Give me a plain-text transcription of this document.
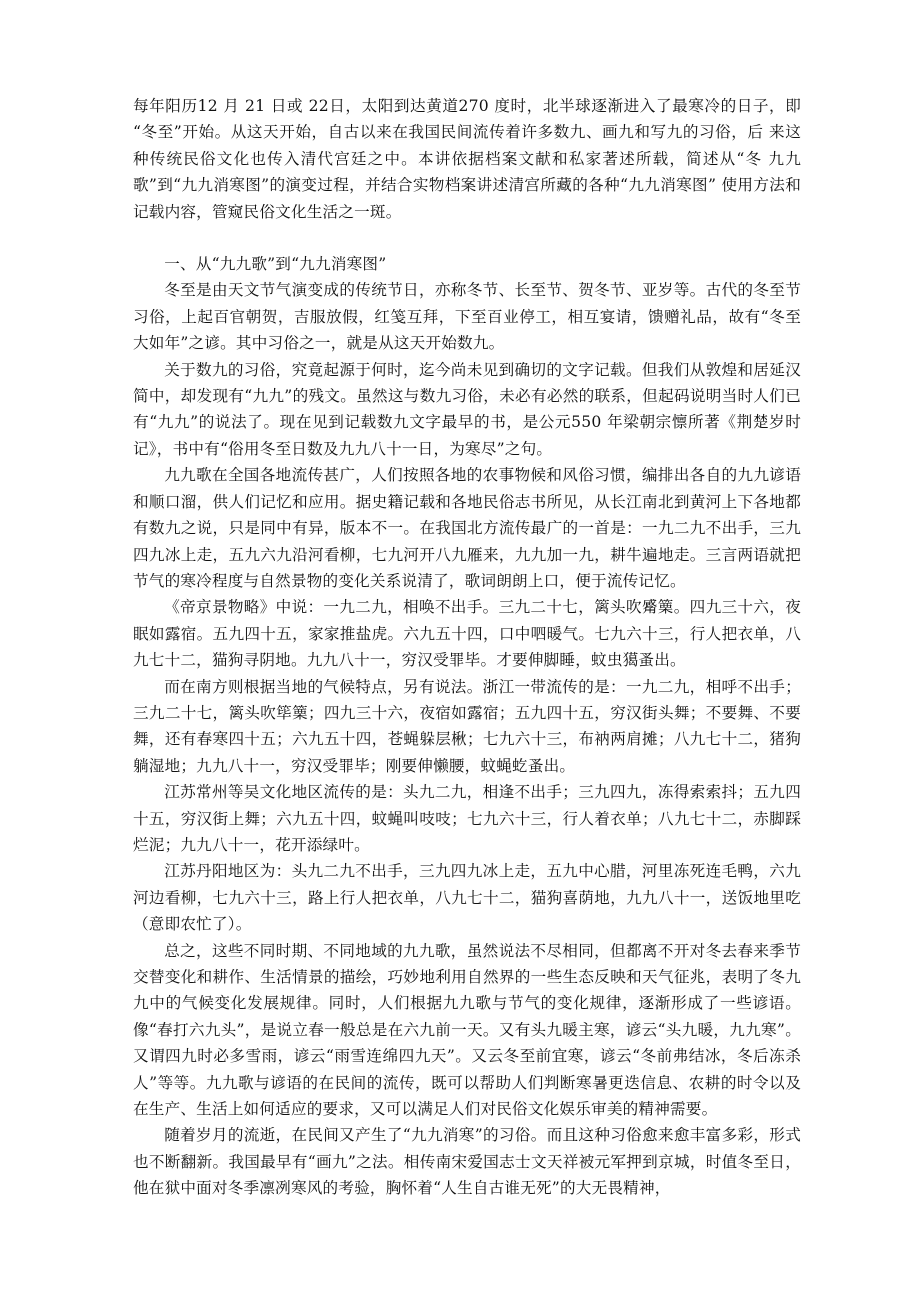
每年阳历12 月 21 日或 22日，太阳到达黄道270 度时，北半球逐渐进入了最寒冷的日子，即 “冬至”开始。从这天开始，自古以来在我国民间流传着许多数九、画九和写九的习俗，后 来这种传统民俗文化也传入清代宫廷之中。本讲依据档案文献和私家著述所载，简述从“冬 九九歌”到“九九消寒图”的演变过程，并结合实物档案讲述清宫所藏的各种“九九消寒图” 使用方法和记载内容，管窥民俗文化生活之一斑。

一、从“九九歌”到“九九消寒图”

冬至是由天文节气演变成的传统节日，亦称冬节、长至节、贺冬节、亚岁等。古代的冬至节习俗，上起百官朝贺，吉服放假，红笺互拜，下至百业停工，相互宴请，馈赠礼品，故有“冬至大如年”之谚。其中习俗之一，就是从这天开始数九。

关于数九的习俗，究竟起源于何时，迄今尚未见到确切的文字记载。但我们从敦煌和居延汉简中，却发现有“九九”的残文。虽然这与数九习俗，未必有必然的联系，但起码说明当时人们已有“九九”的说法了。现在见到记载数九文字最早的书，是公元550 年梁朝宗懔所著《荆楚岁时记》，书中有“俗用冬至日数及九九八十一日，为寒尽”之句。

九九歌在全国各地流传甚广，人们按照各地的农事物候和风俗习惯，编排出各自的九九谚语和顺口溜，供人们记忆和应用。据史籍记载和各地民俗志书所见，从长江南北到黄河上下各地都有数九之说，只是同中有异，版本不一。在我国北方流传最广的一首是：一九二九不出手，三九四九冰上走，五九六九沿河看柳，七九河开八九雁来，九九加一九，耕牛遍地走。三言两语就把节气的寒冷程度与自然景物的变化关系说清了，歌词朗朗上口，便于流传记忆。

《帝京景物略》中说：一九二九，相唤不出手。三九二十七，篱头吹觱篥。四九三十六，夜眠如露宿。五九四十五，家家推盐虎。六九五十四，口中呬暖气。七九六十三，行人把衣单，八九七十二，猫狗寻阴地。九九八十一，穷汉受罪毕。才要伸脚睡，蚊虫獦蚤出。

而在南方则根据当地的气候特点，另有说法。浙江一带流传的是：一九二九，相呼不出手；三九二十七，篱头吹筚篥；四九三十六，夜宿如露宿；五九四十五，穷汉街头舞；不要舞、不要舞，还有春寒四十五；六九五十四，苍蝇躲层楸；七九六十三，布衲两肩摊；八九七十二，猪狗躺湿地；九九八十一，穷汉受罪毕；刚要伸懒腰，蚊蝇虼蚤出。

江苏常州等吴文化地区流传的是：头九二九，相逢不出手；三九四九，冻得索索抖；五九四十五，穷汉街上舞；六九五十四，蚊蝇叫吱吱；七九六十三，行人着衣单；八九七十二，赤脚踩烂泥；九九八十一，花开添绿叶。

江苏丹阳地区为：头九二九不出手，三九四九冰上走，五九中心腊，河里冻死连毛鸭，六九河边看柳，七九六十三，路上行人把衣单，八九七十二，猫狗喜荫地，九九八十一，送饭地里吃（意即农忙了）。

总之，这些不同时期、不同地域的九九歌，虽然说法不尽相同，但都离不开对冬去春来季节交替变化和耕作、生活情景的描绘，巧妙地利用自然界的一些生态反映和天气征兆，表明了冬九九中的气候变化发展规律。同时，人们根据九九歌与节气的变化规律，逐渐形成了一些谚语。像“春打六九头”，是说立春一般总是在六九前一天。又有头九暖主寒，谚云“头九暖，九九寒”。又谓四九时必多雪雨，谚云“雨雪连绵四九天”。又云冬至前宜寒，谚云“冬前弗结冰，冬后冻杀人”等等。九九歌与谚语的在民间的流传，既可以帮助人们判断寒暑更迭信息、农耕的时令以及在生产、生活上如何适应的要求，又可以满足人们对民俗文化娱乐审美的精神需要。

随着岁月的流逝，在民间又产生了“九九消寒”的习俗。而且这种习俗愈来愈丰富多彩，形式也不断翻新。我国最早有“画九”之法。相传南宋爱国志士文天祥被元军押到京城，时值冬至日，他在狱中面对冬季凛冽寒风的考验，胸怀着“人生自古谁无死”的大无畏精神，
